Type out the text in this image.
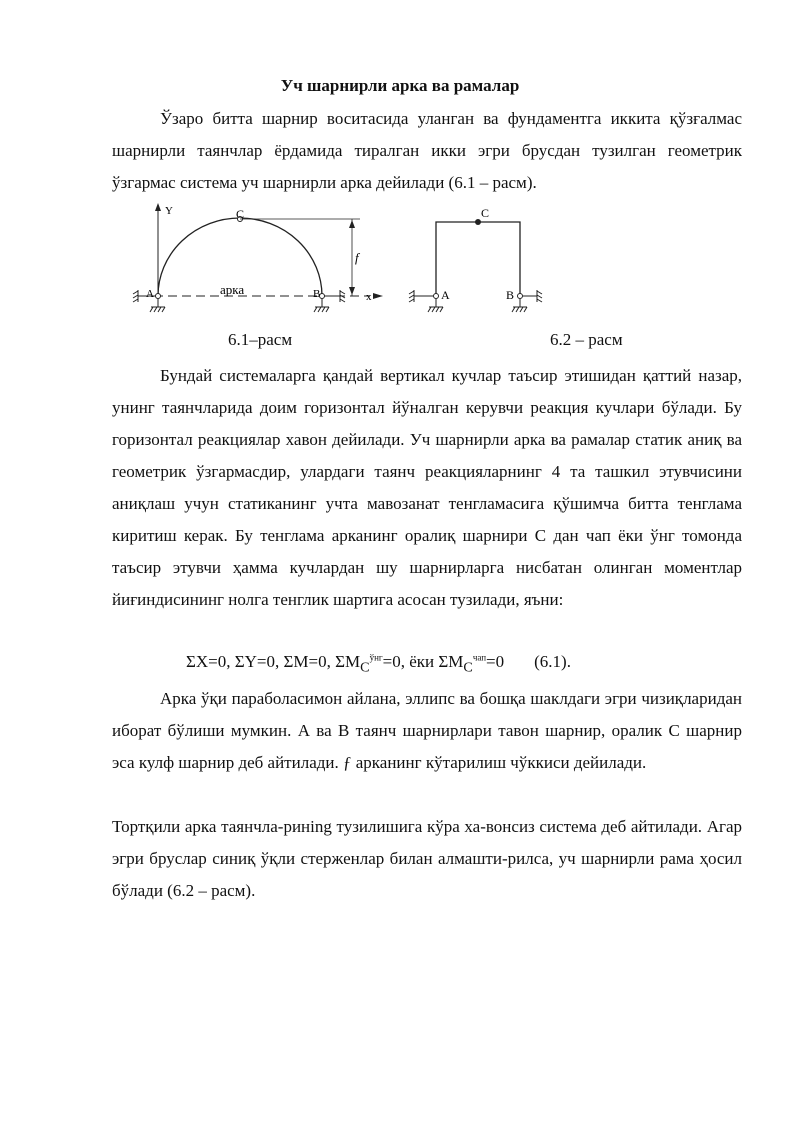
Уч шарнирли арка ва рамалар

Ўзаро битта шарнир воситасида уланган ва фундаментга иккита қўзғалмас шарнирли таянчлар ёрдамида тиралган икки эгри брусдан тузилган геометрик ўзгармас система уч шарнирли арка дейилади (6.1 – расм).

Y	C
x
арка
f
A	B
C
A	B
6.1–расм	6.2 – расм

Бундай системаларга қандай вертикал кучлар таъсир этишидан қаттий назар, унинг таянчларида доим горизонтал йўналган керувчи реакция кучлари бўлади. Бу горизонтал реакциялар хавон дейилади. Уч шарнирли арка ва рамалар статик аниқ ва геометрик ўзгармасдир, улардаги таянч реакцияларнинг 4 та ташкил этувчисини аниқлаш учун статиканинг учта мавозанат тенгламасига қўшимча битта тенглама киритиш керак. Бу тенглама арканинг оралиқ шарнири С дан чап ёки ўнг томонда таъсир этувчи ҳамма кучлардан шу шарнирларга нисбатан олинган моментлар йиғиндисининг нолга тенглик шартига асосан тузилади, яъни:

ΣX=0, ΣY=0, ΣM=0, $\Sigma M_C^{ўнг}=0$, ёки $\Sigma M_C^{чап}=0$ (6.1).

Арка ўқи параболасимон айлана, эллипс ва бошқа шаклдаги эгри чизиқларидан иборат бўлиши мумкин. А ва В таянч шарнирлари тавон шарнир, оралик С шарнир эса кулф шарнир деб айтилади. ƒ арканинг кўтарилиш чўккиси дейилади.

Тортқили арка таянчла-ринing тузилишига кўра ха-вонсиз система деб айтилади. Агар эгри бруслар синиқ ўқли стерженлар билан алмашти-рилса, уч шарнирли рама ҳосил бўлади (6.2 – расм).
